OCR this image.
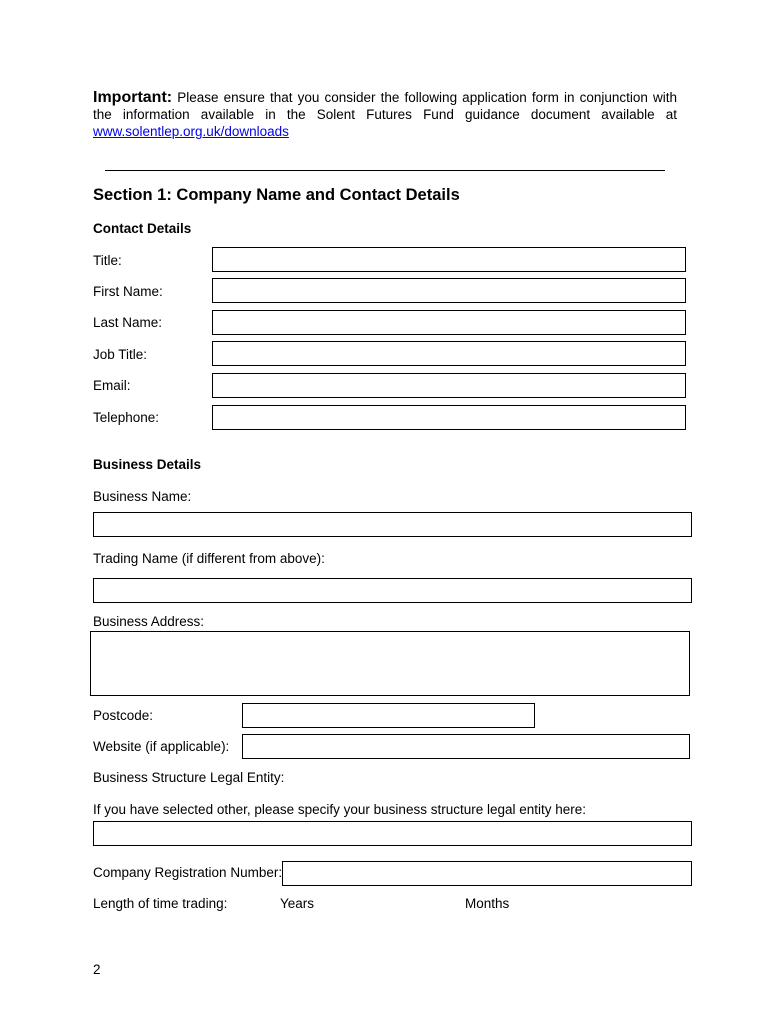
Important: Please ensure that you consider the following application form in conjunction with the information available in the Solent Futures Fund guidance document available at www.solentlep.org.uk/downloads
Section 1: Company Name and Contact Details
Contact Details
Title:
First Name:
Last Name:
Job Title:
Email:
Telephone:
Business Details
Business Name:
Trading Name (if different from above):
Business Address:
Postcode:
Website (if applicable):
Business Structure Legal Entity:
If you have selected other, please specify your business structure legal entity here:
Company Registration Number:
Length of time trading:	Years	Months
2
